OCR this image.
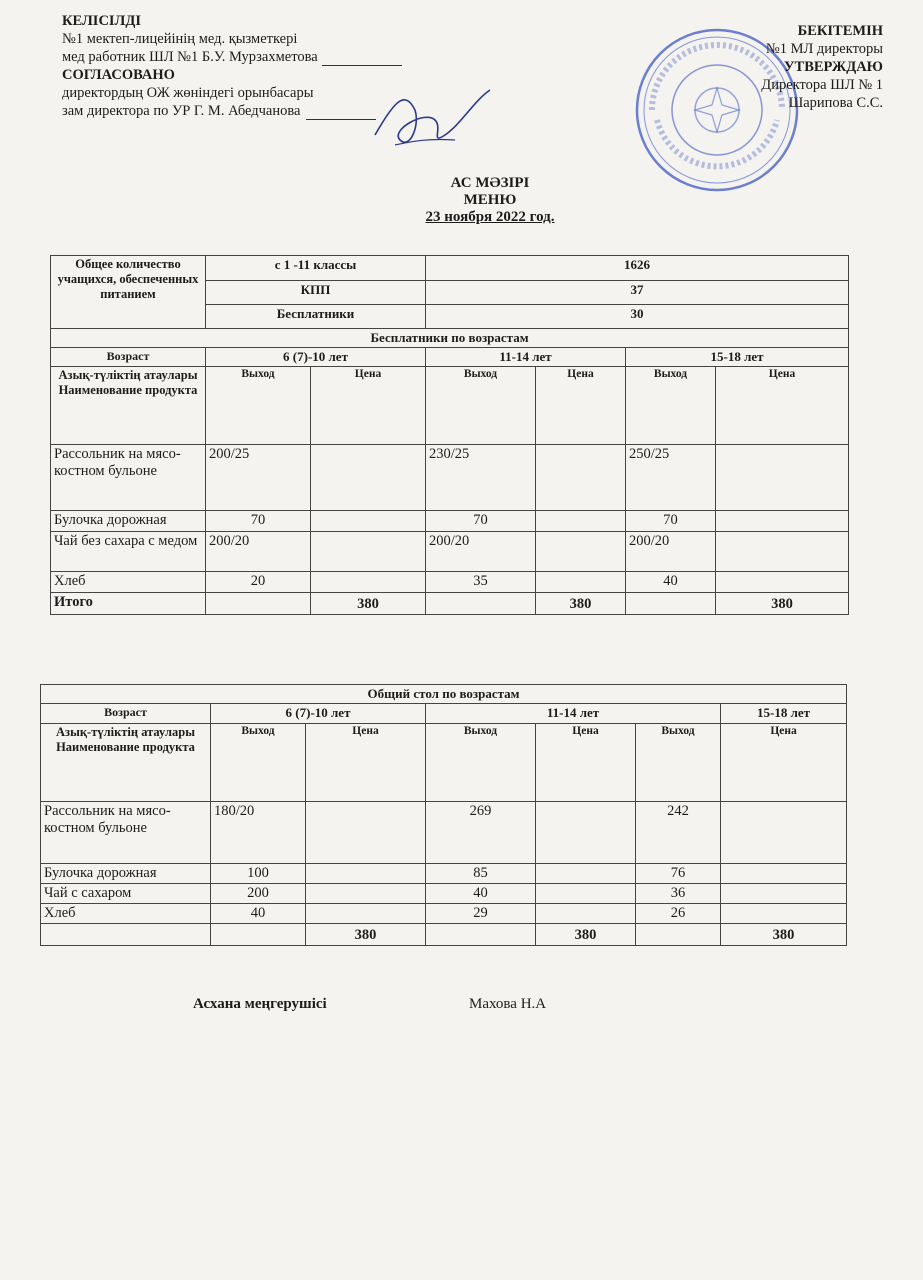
КЕЛІСІЛДІ
№1 мектеп-лицейінің мед. қызметкері
мед работник ШЛ №1 Б.У. Мурзахметова
СОГЛАСОВАНО
директордың ОЖ жөніндегі орынбасары
зам директора по УР Г. М. Абедчанова
БЕКІТЕМІН
№1 МЛ директоры
УТВЕРЖДАЮ
Директора ШЛ № 1
Шарипова С.С.
АС МӘЗІРІ
МЕНЮ
23 ноября 2022 год.
Общее количество учащихся, обеспеченных питанием	с 1 -11 классы		1626			
	КПП		37			
	Бесплатники		30			
Бесплатники по возрастам						
Возраст	6 (7)-10 лет		11-14 лет		15-18 лет	
Азық-түліктің атаулары Наименование продукта	Выход	Цена	Выход	Цена	Выход	Цена
Рассольник на мясо-костном бульоне	200/25		230/25		250/25	
Булочка дорожная	70		70		70	
Чай без сахара с медом	200/20		200/20		200/20	
Хлеб	20		35		40	
Итого		380		380		380
Общий стол по возрастам						
Возраст	6 (7)-10 лет		11-14 лет			15-18 лет
Азық-түліктің атаулары Наименование продукта	Выход	Цена	Выход	Цена	Выход	Цена
Рассольник на мясо-костном бульоне	180/20		269		242	
Булочка дорожная	100		85		76	
Чай с сахаром	200		40		36	
Хлеб	40		29		26	
		380		380		380
Асхана меңгерушісі	Махова Н.А
